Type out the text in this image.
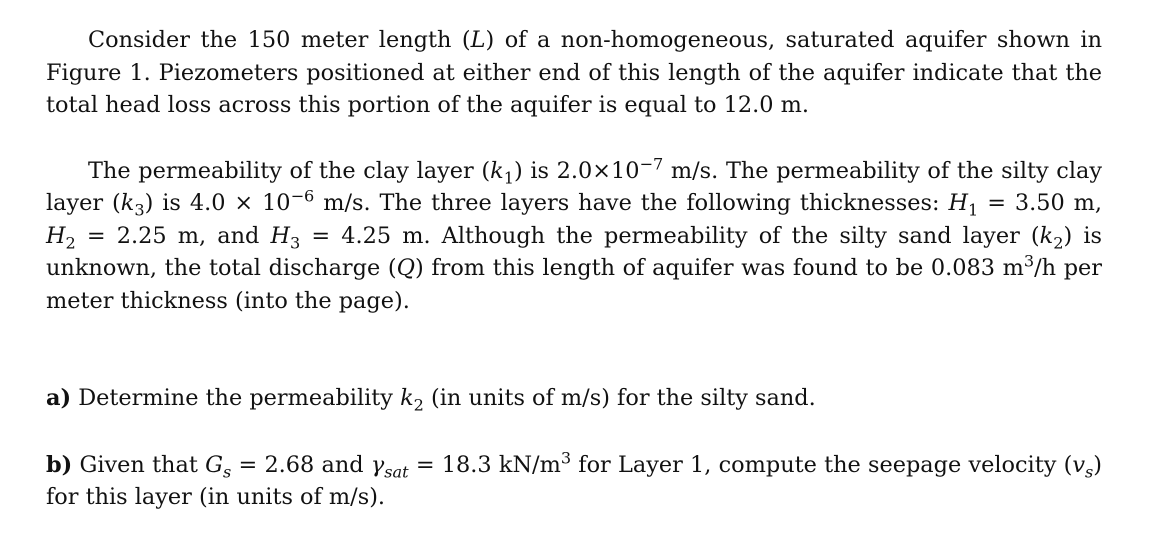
Consider the 150 meter length (L) of a non-homogeneous, saturated aquifer shown in Figure 1. Piezometers positioned at either end of this length of the aquifer indicate that the total head loss across this portion of the aquifer is equal to 12.0 m.

The permeability of the clay layer $(k_1)$ is $2.0\times 10^{-7}$ m/s. The permeability of the silty clay layer $(k_3)$ is $4.0 \times 10^{-6}$ m/s. The three layers have the following thicknesses: $H_1 = 3.50$ m, $H_2 = 2.25$ m, and $H_3 = 4.25$ m. Although the permeability of the silty sand layer $(k_2)$ is unknown, the total discharge (Q) from this length of aquifer was found to be 0.083 $m^3/h$ per meter thickness (into the page).

a) Determine the permeability $k_2$ (in units of m/s) for the silty sand.

b) Given that $G_s = 2.68$ and $\gamma_{sat} = 18.3$ $kN/m^3$ for Layer 1, compute the seepage velocity $(v_s)$ for this layer (in units of m/s).
